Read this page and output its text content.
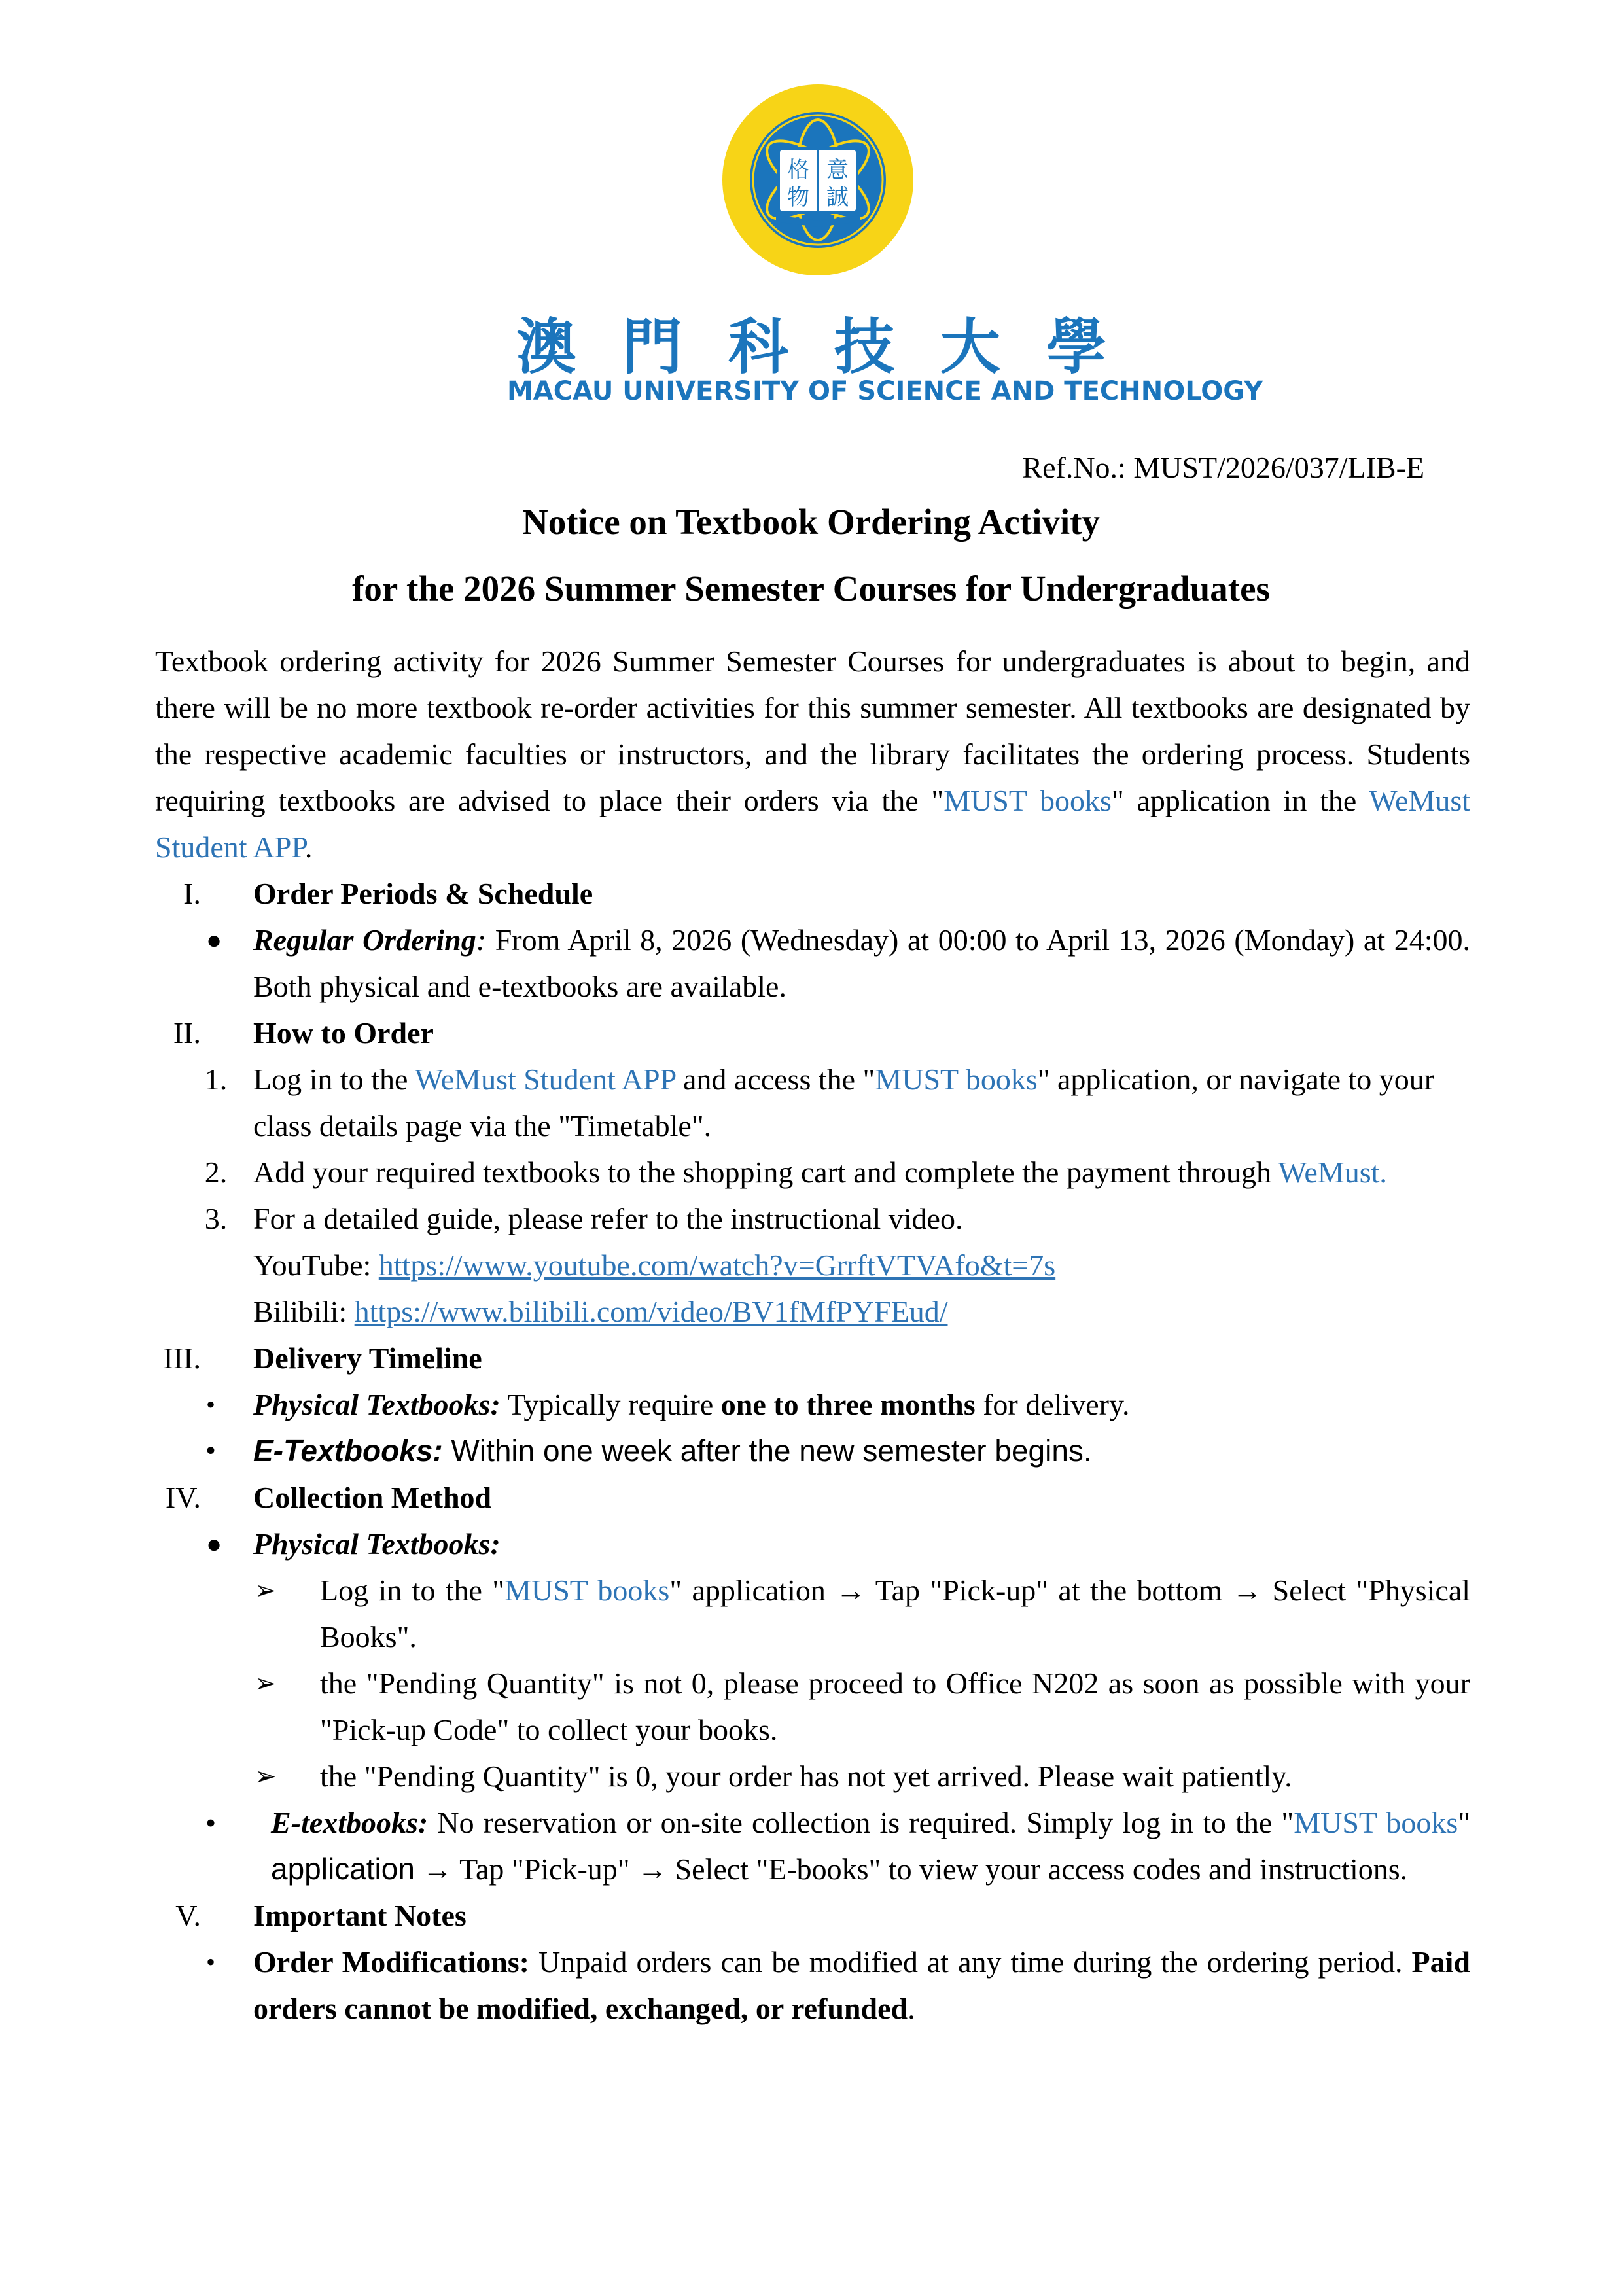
格 意
物 誠
澳 門 科 技 大 學
MACAU UNIVERSITY OF SCIENCE AND TECHNOLOGY
Ref.No.: MUST/2026/037/LIB-E
Notice on Textbook Ordering Activity
for the 2026 Summer Semester Courses for Undergraduates

Textbook ordering activity for 2026 Summer Semester Courses for undergraduates is about to begin, and there will be no more textbook re-order activities for this summer semester. All textbooks are designated by the respective academic faculties or instructors, and the library facilitates the ordering process. Students requiring textbooks are advised to place their orders via the "MUST books" application in the WeMust Student APP.

I. Order Periods & Schedule

● Regular Ordering: From April 8, 2026 (Wednesday) at 00:00 to April 13, 2026 (Monday) at 24:00. Both physical and e-textbooks are available.

II. How to Order

1. Log in to the WeMust Student APP and access the "MUST books" application, or navigate to your class details page via the "Timetable".

2. Add your required textbooks to the shopping cart and complete the payment through WeMust.

3. For a detailed guide, please refer to the instructional video.

YouTube: https://www.youtube.com/watch?v=GrrftVTVAfo&t=7s

Bilibili: https://www.bilibili.com/video/BV1fMfPYFEud/

III. Delivery Timeline

• Physical Textbooks: Typically require one to three months for delivery.

• E-Textbooks: Within one week after the new semester begins.

IV. Collection Method

● Physical Textbooks:

➢ Log in to the "MUST books" application → Tap "Pick-up" at the bottom → Select "Physical Books".

➢ the "Pending Quantity" is not 0, please proceed to Office N202 as soon as possible with your "Pick-up Code" to collect your books.

➢ the "Pending Quantity" is 0, your order has not yet arrived. Please wait patiently.

• E-textbooks: No reservation or on-site collection is required. Simply log in to the "MUST books" application → Tap "Pick-up" → Select "E-books" to view your access codes and instructions.

V. Important Notes

• Order Modifications: Unpaid orders can be modified at any time during the ordering period. Paid orders cannot be modified, exchanged, or refunded.
